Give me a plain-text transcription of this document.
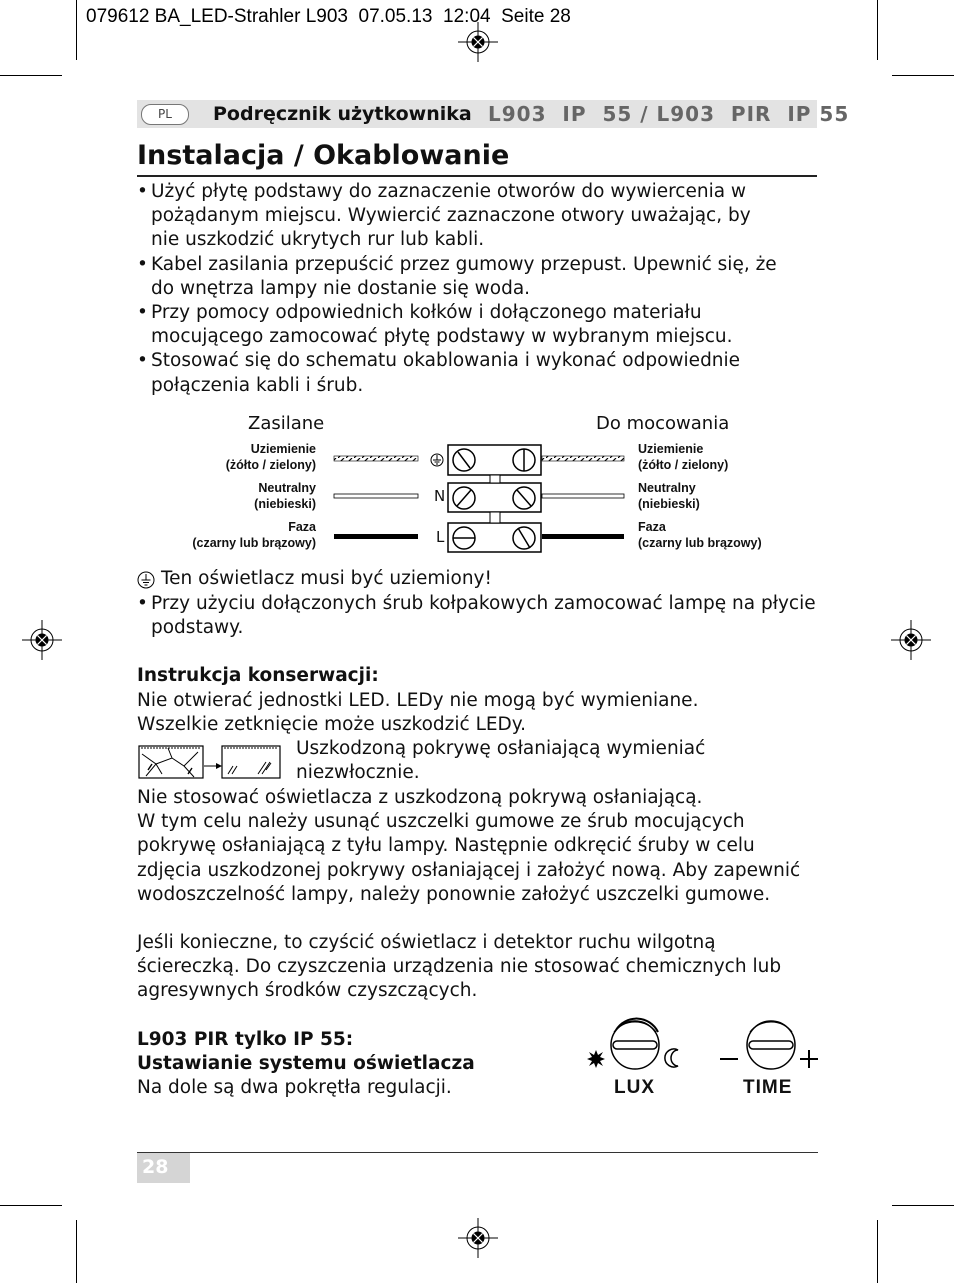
079612 BA_LED-Strahler L903  07.05.13  12:04  Seite 28
PL	Podręcznik użytkownika L903  IP  55 / L903  PIR  IP 55
Instalacja / Okablowanie
• Użyć płytę podstawy do zaznaczenie otworów do wywiercenia w pożądanym miejscu. Wywiercić zaznaczone otwory uważając, by nie uszkodzić ukrytych rur lub kabli.
• Kabel zasilania przepuścić przez gumowy przepust. Upewnić się, że do wnętrza lampy nie dostanie się woda.
• Przy pomocy odpowiednich kołków i dołączonego materiału mocującego zamocować płytę podstawy w wybranym miejscu.
• Stosować się do schematu okablowania i wykonać odpowiednie połączenia kabli i śrub.
Zasilane	Do mocowania
Uziemienie
(żółto / zielony)
Neutralny
(niebieski)
Faza
(czarny lub brązowy)
Uziemienie
(żółto / zielony)
Neutralny
(niebieski)
Faza
(czarny lub brązowy)
N
L
Ten oświetlacz musi być uziemiony!
• Przy użyciu dołączonych śrub kołpakowych zamocować lampę na płycie podstawy.
Instrukcja konserwacji:
Nie otwierać jednostki LED. LEDy nie mogą być wymieniane.
Wszelkie zetknięcie może uszkodzić LEDy.
Uszkodzoną pokrywę osłaniającą wymieniać
niezwłocznie.
Nie stosować oświetlacza z uszkodzoną pokrywą osłaniającą.
W tym celu należy usunąć uszczelki gumowe ze śrub mocujących
pokrywę osłaniającą z tyłu lampy. Następnie odkręcić śruby w celu
zdjęcia uszkodzonej pokrywy osłaniającej i założyć nową. Aby zapewnić
wodoszczelność lampy, należy ponownie założyć uszczelki gumowe.
Jeśli konieczne, to czyścić oświetlacz i detektor ruchu wilgotną
ściereczką. Do czyszczenia urządzenia nie stosować chemicznych lub
agresywnych środków czyszczących.
L903 PIR tylko IP 55:
Ustawianie systemu oświetlacza
Na dole są dwa pokrętła regulacji.	LUX	TIME
28
